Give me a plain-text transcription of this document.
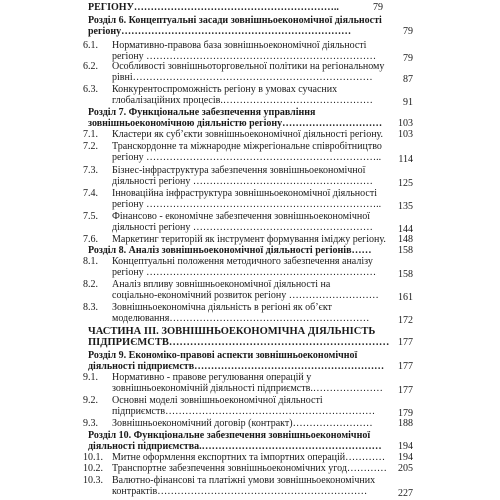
РЕГІОНУ……………………………………………………..	79
Розділ 6. Концептуальні засади зовнішньоекономічної діяльності
регіону……………………………………………………………	79
6.1. Нормативно-правова база зовнішньоекономічної діяльності
регіону ……………………………………………………………	79
6.2. Особливості зовнішньоторговельної політики на регіональному
рівні………………………………………………………………	87
6.3. Конкурентоспроможність регіону в умовах сучасних
глобалізаційних процесів.………………………………………	91
Розділ 7. Функціональне забезпечення управління
зовнішньоекономічною діяльністю регіону…………………………	103
7.1. Кластери як суб’єкти зовнішньоекономічної діяльності регіону.	103
7.2. Транскордонне та міжнародне міжрегіональне співробітництво
регіону ……………………………………………………………..	114
7.3. Бізнес-інфраструктура забезпечення зовнішньоекономічної
діяльності регіону ………………………………………………	125
7.4. Інноваційна інфраструктура зовнішньоекономічної діяльності
регіону ……………………………………………………………..	135
7.5. Фінансово - економічне забезпечення зовнішньоекономічної
діяльності регіону ………………………………………………	144
7.6. Маркетинг територій як інструмент формування іміджу регіону.	148
Розділ 8. Аналіз зовнішньоекономічної діяльності регіонів……	158
8.1. Концептуальні положення методичного забезпечення аналізу
регіону ……………………………………………………………	158
8.2. Аналіз впливу зовнішньоекономічної діяльності на
соціально-економічний розвиток регіону ………………………	161
8.3. Зовнішньоекономічна діяльність в регіоні як об’єкт
моделювання……………………………………………………	172
ЧАСТИНА ІІІ. ЗОВНІШНЬОЕКОНОМІЧНА ДІЯЛЬНІСТЬ
ПІДПРИЄМСТВ……………………………………………………… 177
Розділ 9. Економіко-правові аспекти зовнішньоекономічної
діяльності підприємств…………………………………………………	177
9.1. Нормативно - правове регулювання операцій у
зовнішньоекономічній діяльності підприємств.…………………	177
9.2. Основні моделі зовнішньоекономічної діяльності
підприємств………………………………………………………	179
9.3. Зовнішньоекономічний договір (контракт)……………………	188
Розділ 10. Функціональне забезпечення зовнішньоекономічної
діяльності підприємства.………………………………………………	194
10.1. Митне оформлення експортних та імпортних операцій…………	194
10.2. Транспортне забезпечення зовнішньоекономічних угод…………	205
10.3. Валютно-фінансові та платіжні умови зовнішньоекономічних
контрактів………………………………………………………	227
